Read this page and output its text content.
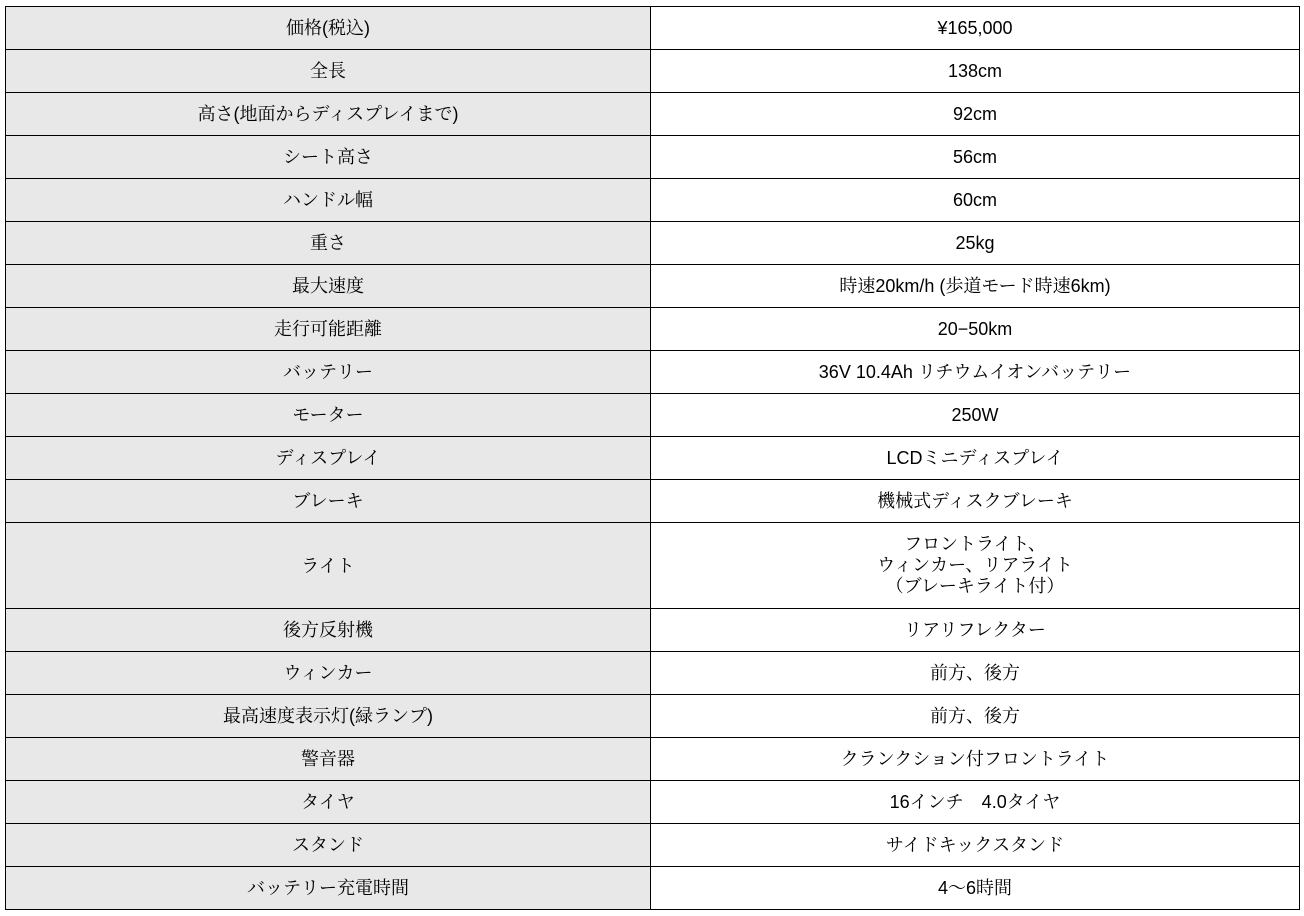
価格(税込)	¥165,000

全長	138cm

高さ(地面からディスプレイまで)	92cm

シート高さ	56cm

ハンドル幅	60cm

重さ	25kg

最大速度	時速20km/h (歩道モード時速6km)

走行可能距離	20−50km

バッテリー	36V 10.4Ah リチウムイオンバッテリー

モーター	250W

ディスプレイ	LCDミニディスプレイ

ブレーキ	機械式ディスクブレーキ

ライト	フロントライト、
ウィンカー、リアライト
（ブレーキライト付）

後方反射機	リアリフレクター

ウィンカー	前方、後方

最高速度表示灯(緑ランプ)	前方、後方

警音器	クランクション付フロントライト

タイヤ	16インチ　4.0タイヤ

スタンド	サイドキックスタンド

バッテリー充電時間	4〜6時間
